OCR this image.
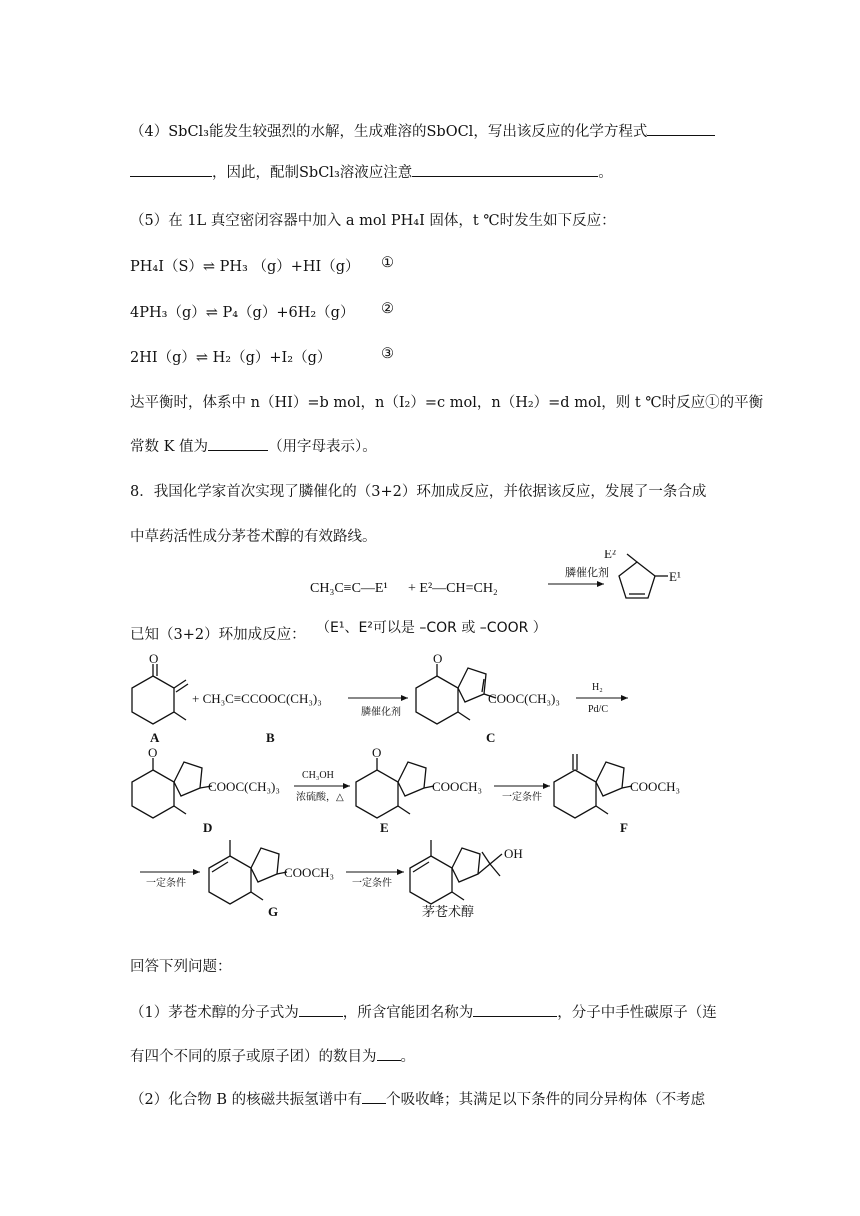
（4）SbCl₃能发生较强烈的水解，生成难溶的SbOCl，写出该反应的化学方程式
，因此，配制SbCl₃溶液应注意	。
（5）在 1L 真空密闭容器中加入 a mol PH₄I 固体，t ℃时发生如下反应：
PH₄I（S）⇌ PH₃ （g）+HI（g） ①
4PH₃（g）⇌ P₄（g）+6H₂（g） ②
2HI（g）⇌ H₂（g）+I₂（g）	③
达平衡时，体系中 n（HI）=b mol，n（I₂）=c mol，n（H₂）=d mol，则 t ℃时反应①的平衡
常数 K 值为	（用字母表示）。
8．我国化学家首次实现了膦催化的（3+2）环加成反应，并依据该反应，发展了一条合成
中草药活性成分茅苍术醇的有效路线。
已知（3+2）环加成反应：
CH₃C≡C—E¹ + E²—CH=CH₂
膦催化剂
E²
E¹
（E¹、E²可以是 –COR 或 –COOR ）
O
+ CH₃C≡CCOOC(CH₃)₃
膦催化剂
O
COOC(CH₃)₃
H₂
Pd/C
A	B	C
O
COOC(CH₃)₃
CH₃OH
浓硫酸，△
O
COOCH₃
一定条件
COOCH₃
D	E	F
一定条件
COOCH₃
一定条件
OH
G	茅苍术醇
回答下列问题：
（1）茅苍术醇的分子式为	，所含官能团名称为	，分子中手性碳原子（连
有四个不同的原子或原子团）的数目为 。
（2）化合物 B 的核磁共振氢谱中有 个吸收峰；其满足以下条件的同分异构体（不考虑
